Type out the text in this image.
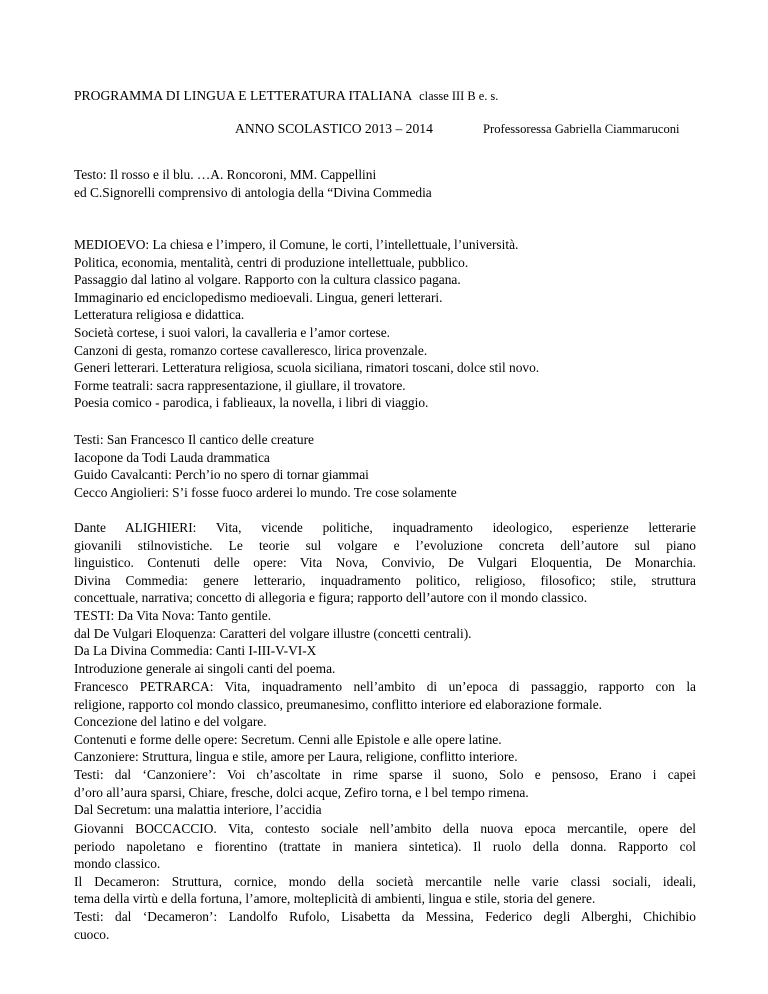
PROGRAMMA DI LINGUA E LETTERATURA ITALIANA classe III B e. s.
ANNO SCOLASTICO 2013 – 2014	Professoressa Gabriella Ciammaruconi
Testo: Il rosso e il blu. …A. Roncoroni, MM. Cappellini
ed C.Signorelli comprensivo di antologia della “Divina Commedia
MEDIOEVO: La chiesa e l’impero, il Comune, le corti, l’intellettuale, l’università.
Politica, economia, mentalità, centri di produzione intellettuale, pubblico.
Passaggio dal latino al volgare. Rapporto con la cultura classico pagana.
Immaginario ed enciclopedismo medioevali. Lingua, generi letterari.
Letteratura religiosa e didattica.
Società cortese, i suoi valori, la cavalleria e l’amor cortese.
Canzoni di gesta, romanzo cortese cavalleresco, lirica provenzale.
Generi letterari. Letteratura religiosa, scuola siciliana, rimatori toscani, dolce stil novo.
Forme teatrali: sacra rappresentazione, il giullare, il trovatore.
Poesia comico - parodica, i fablieaux, la novella, i libri di viaggio.
Testi: San Francesco Il cantico delle creature
Iacopone da Todi Lauda drammatica
Guido Cavalcanti: Perch’io no spero di tornar giammai
Cecco Angiolieri: S’i fosse fuoco arderei lo mundo. Tre cose solamente
Dante ALIGHIERI: Vita, vicende politiche, inquadramento ideologico, esperienze letterarie
giovanili stilnovistiche. Le teorie sul volgare e l’evoluzione concreta dell’autore sul piano
linguistico. Contenuti delle opere: Vita Nova, Convivio, De Vulgari Eloquentia, De Monarchia.
Divina Commedia: genere letterario, inquadramento politico, religioso, filosofico; stile, struttura
concettuale, narrativa; concetto di allegoria e figura; rapporto dell’autore con il mondo classico.
TESTI: Da Vita Nova: Tanto gentile.
dal De Vulgari Eloquenza: Caratteri del volgare illustre (concetti centrali).
Da La Divina Commedia: Canti I-III-V-VI-X
Introduzione generale ai singoli canti del poema.
Francesco PETRARCA: Vita, inquadramento nell’ambito di un’epoca di passaggio, rapporto con la
religione, rapporto col mondo classico, preumanesimo, conflitto interiore ed elaborazione formale.
Concezione del latino e del volgare.
Contenuti e forme delle opere: Secretum. Cenni alle Epistole e alle opere latine.
Canzoniere: Struttura, lingua e stile, amore per Laura, religione, conflitto interiore.
Testi: dal ‘Canzoniere’: Voi ch’ascoltate in rime sparse il suono, Solo e pensoso, Erano i capei
d’oro all’aura sparsi, Chiare, fresche, dolci acque, Zefiro torna, e l bel tempo rimena.
Dal Secretum: una malattia interiore, l’accidia
Giovanni BOCCACCIO. Vita, contesto sociale nell’ambito della nuova epoca mercantile, opere del
periodo napoletano e fiorentino (trattate in maniera sintetica). Il ruolo della donna. Rapporto col
mondo classico.
Il Decameron: Struttura, cornice, mondo della società mercantile nelle varie classi sociali, ideali,
tema della virtù e della fortuna, l’amore, molteplicità di ambienti, lingua e stile, storia del genere.
Testi: dal ‘Decameron’: Landolfo Rufolo, Lisabetta da Messina, Federico degli Alberghi, Chichibio
cuoco.
